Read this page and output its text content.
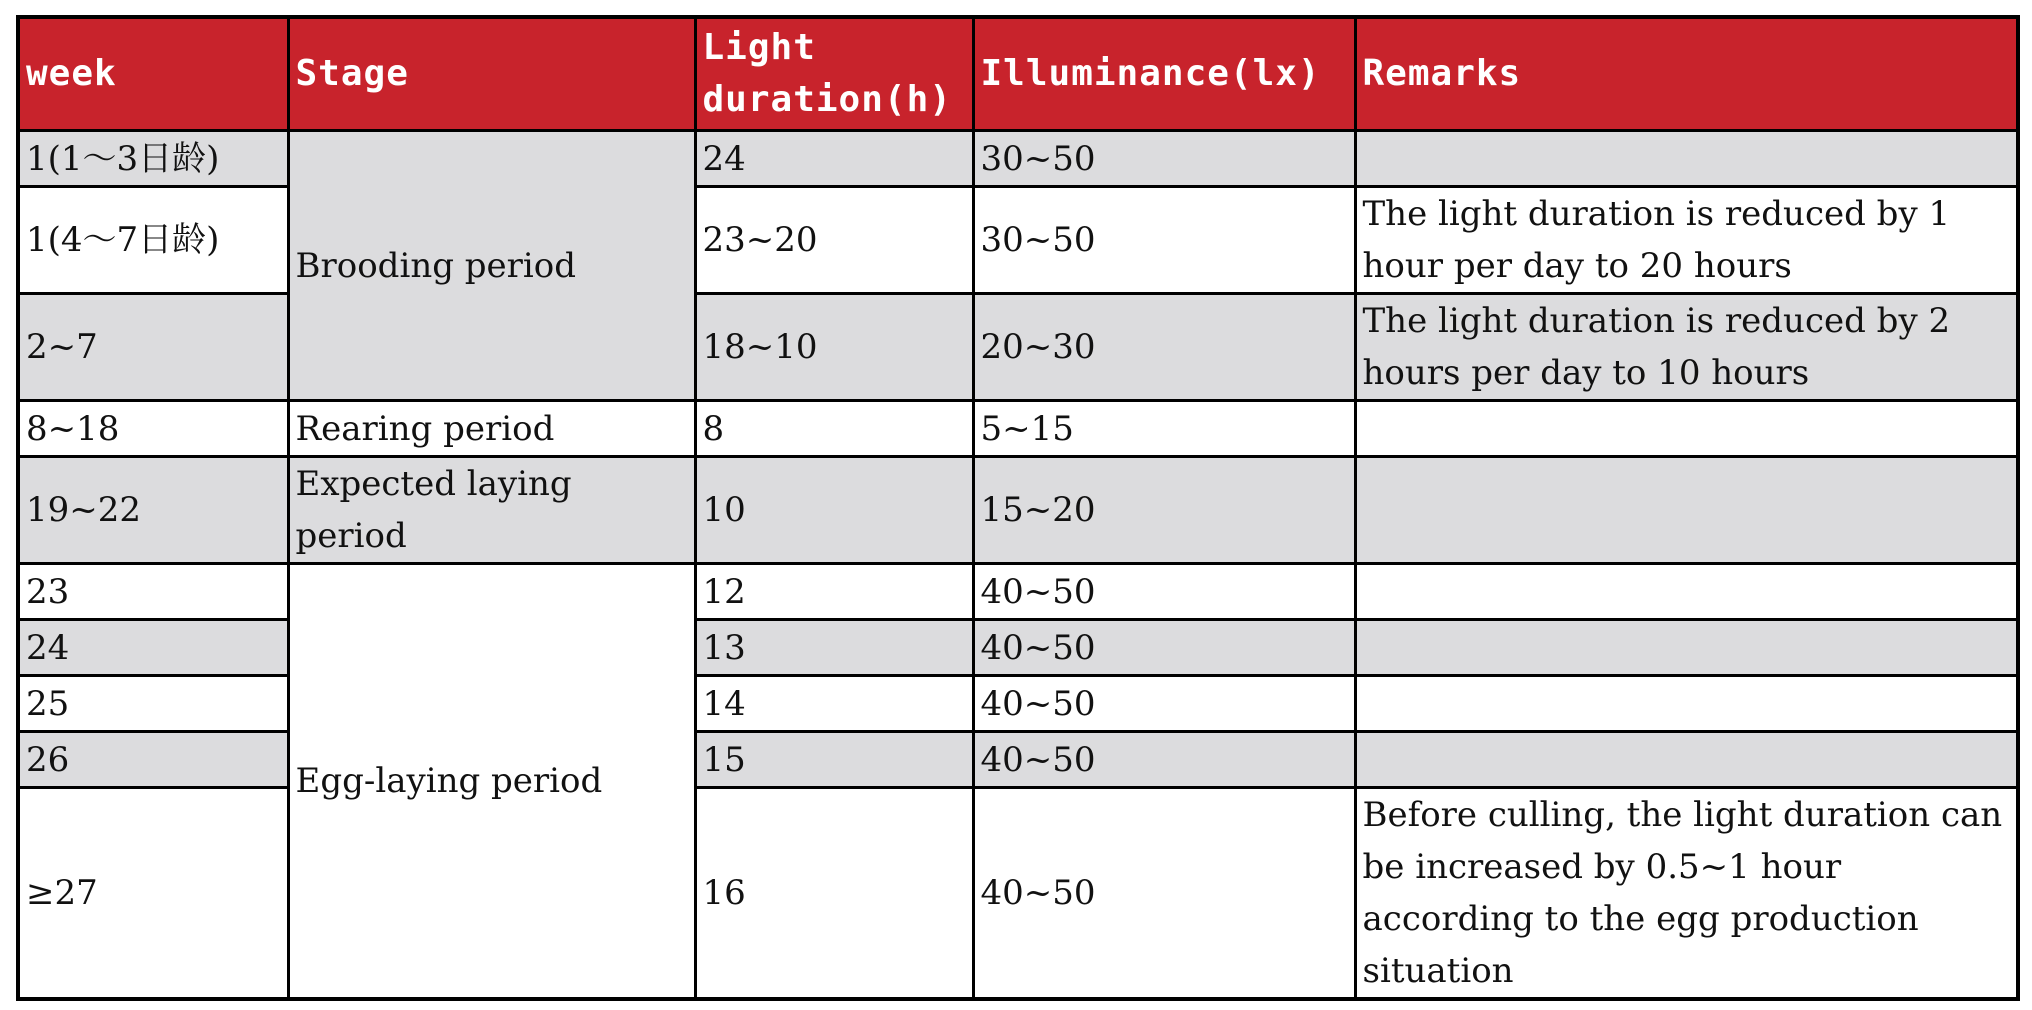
week	Stage	Light duration(h)	Illuminance(lx)	Remarks
1(1～3日龄)	Brooding period	24	30~50	
1(4～7日龄)		23~20	30~50	The light duration is reduced by 1 hour per day to 20 hours
2~7		18~10	20~30	The light duration is reduced by 2 hours per day to 10 hours
8~18	Rearing period	8	5~15	
19~22	Expected laying period	10	15~20	
23	Egg-laying period	12	40~50	
24		13	40~50	
25		14	40~50	
26		15	40~50	
≥27		16	40~50	Before culling, the light duration can be increased by 0.5~1 hour according to the egg production situation
